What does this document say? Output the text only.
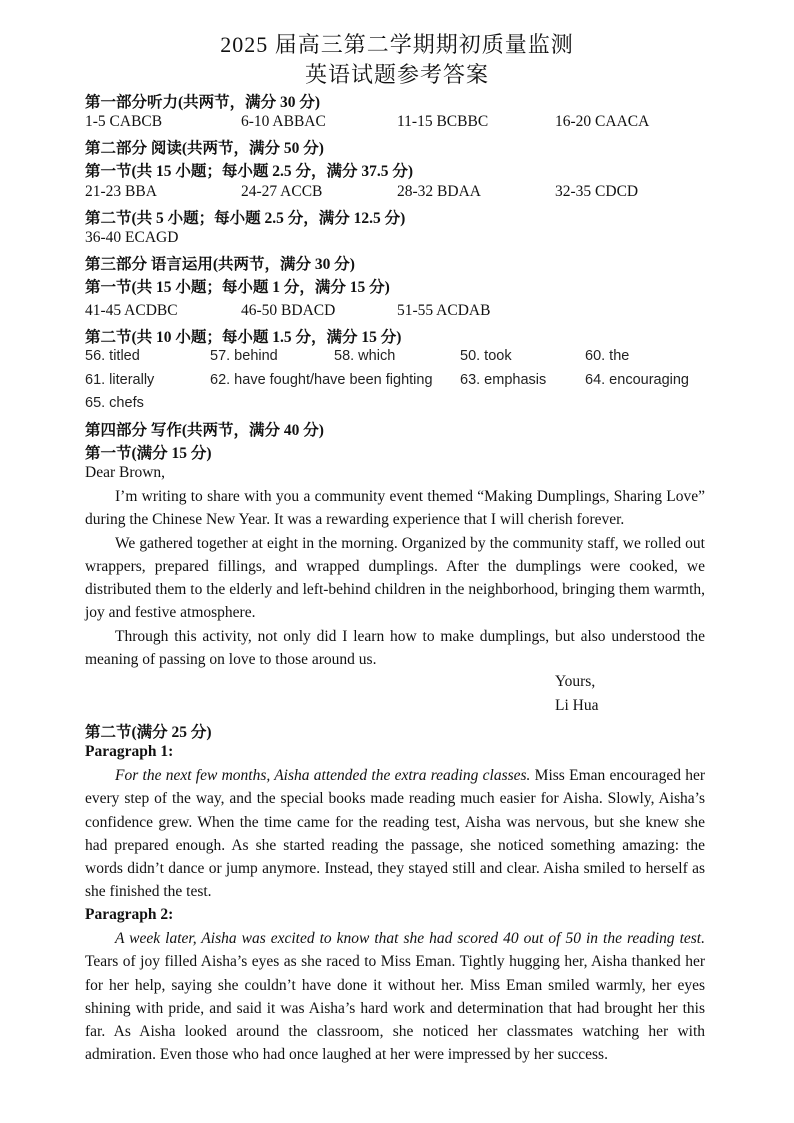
2025 届高三第二学期期初质量监测
英语试题参考答案
第一部分听力(共两节，满分 30 分)
1-5 CABCB	6-10 ABBAC	11-15 BCBBC	16-20 CAACA
第二部分 阅读(共两节，满分 50 分)
第一节(共 15 小题；每小题 2.5 分，满分 37.5 分)
21-23 BBA	24-27 ACCB	28-32 BDAA	32-35 CDCD
第二节(共 5 小题；每小题 2.5 分，满分 12.5 分)
36-40 ECAGD
第三部分 语言运用(共两节，满分 30 分)
第一节(共 15 小题；每小题 1 分，满分 15 分)
41-45 ACDBC	46-50 BDACD	51-55 ACDAB
第二节(共 10 小题；每小题 1.5 分，满分 15 分)
56. titled	57. behind	58. which	50. took	60. the
61. literally	62. have fought/have been fighting 63. emphasis	64. encouraging
65. chefs
第四部分 写作(共两节，满分 40 分)
第一节(满分 15 分)
Dear Brown,

I’m writing to share with you a community event themed “Making Dumplings, Sharing Love” during the Chinese New Year. It was a rewarding experience that I will cherish forever.

We gathered together at eight in the morning. Organized by the community staff, we rolled out wrappers, prepared fillings, and wrapped dumplings. After the dumplings were cooked, we distributed them to the elderly and left-behind children in the neighborhood, bringing them warmth, joy and festive atmosphere.

Through this activity, not only did I learn how to make dumplings, but also understood the meaning of passing on love to those around us.

Yours,
Li Hua
第二节(满分 25 分)
Paragraph 1:

For the next few months, Aisha attended the extra reading classes. Miss Eman encouraged her every step of the way, and the special books made reading much easier for Aisha. Slowly, Aisha’s confidence grew. When the time came for the reading test, Aisha was nervous, but she knew she had prepared enough. As she started reading the passage, she noticed something amazing: the words didn’t dance or jump anymore. Instead, they stayed still and clear. Aisha smiled to herself as she finished the test.

Paragraph 2:

A week later, Aisha was excited to know that she had scored 40 out of 50 in the reading test. Tears of joy filled Aisha’s eyes as she raced to Miss Eman. Tightly hugging her, Aisha thanked her for her help, saying she couldn’t have done it without her. Miss Eman smiled warmly, her eyes shining with pride, and said it was Aisha’s hard work and determination that had brought her this far. As Aisha looked around the classroom, she noticed her classmates watching her with admiration. Even those who had once laughed at her were impressed by her success.
